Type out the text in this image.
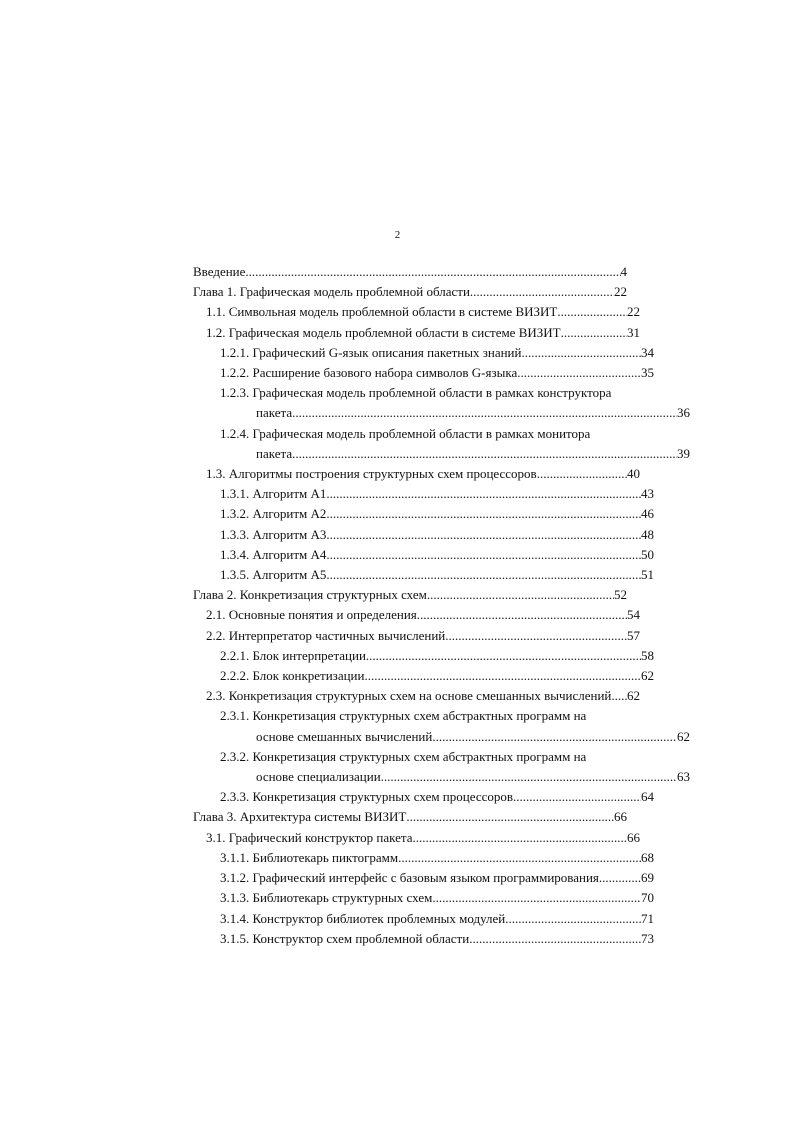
2
Введение .....	4
Глава 1. Графическая модель проблемной области .....	22
1.1. Символьная модель проблемной области в системе ВИЗИТ .....	22
1.2. Графическая модель проблемной области в системе ВИЗИТ .....	31
1.2.1. Графический G-язык описания пакетных знаний .....	34
1.2.2. Расширение базового набора символов G-языка .....	35
1.2.3. Графическая модель проблемной области в рамках конструктора
пакета .....	36
1.2.4. Графическая модель проблемной области в рамках монитора
пакета .....	39
1.3. Алгоритмы построения структурных схем процессоров .....	40
1.3.1. Алгоритм А1 .....	43
1.3.2. Алгоритм А2 .....	46
1.3.3. Алгоритм А3 .....	48
1.3.4. Алгоритм А4 .....	50
1.3.5. Алгоритм А5 .....	51
Глава 2. Конкретизация структурных схем .....	52
2.1. Основные понятия и определения .....	54
2.2. Интерпретатор частичных вычислений .....	57
2.2.1. Блок интерпретации .....	58
2.2.2. Блок конкретизации .....	62
2.3. Конкретизация структурных схем на основе смешанных вычислений ..... 62
2.3.1. Конкретизация структурных схем абстрактных программ на
основе смешанных вычислений .....	62
2.3.2. Конкретизация структурных схем абстрактных программ на
основе специализации .....	63
2.3.3. Конкретизация структурных схем процессоров .....	64
Глава 3. Архитектура системы ВИЗИТ .....	66
3.1. Графический конструктор пакета .....	66
3.1.1. Библиотекарь пиктограмм .....	68
3.1.2. Графический интерфейс с базовым языком программирования .....	69
3.1.3. Библиотекарь структурных схем .....	70
3.1.4. Конструктор библиотек проблемных модулей .....	71
3.1.5. Конструктор схем проблемной области .....	73
